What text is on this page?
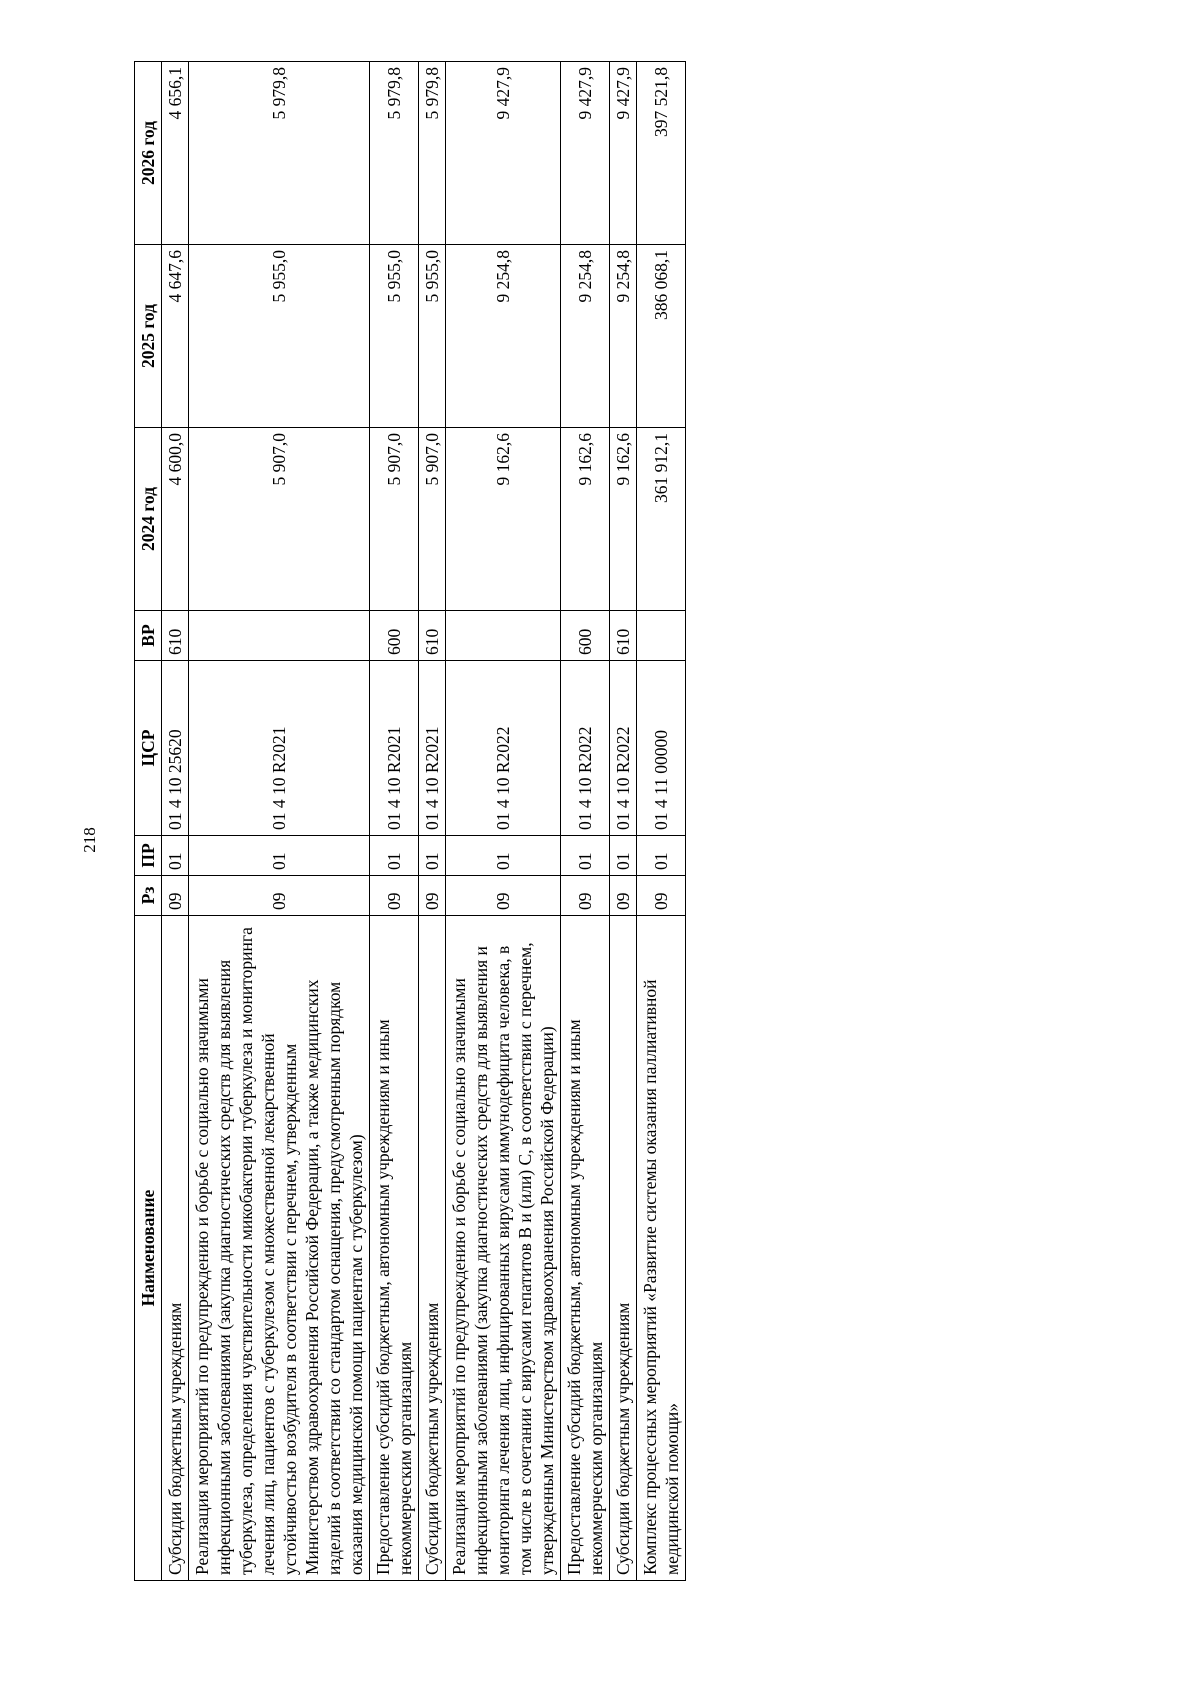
218
Наименование	Рз	ПР	ЦСР	ВР	2024 год	2025 год	2026 год
Субсидии бюджетным учреждениям	09	01	01 4 10 25620	610	4 600,0	4 647,6	4 656,1
Реализация мероприятий по предупреждению и борьбе с социально значимыми инфекционными заболеваниями (закупка диагностических средств для выявления туберкулеза, определения чувствительности микобактерии туберкулеза и мониторинга лечения лиц, пациентов с туберкулезом с множественной лекарственной устойчивостью возбудителя в соответствии с перечнем, утвержденным Министерством здравоохранения Российской Федерации, а также медицинских изделий в соответствии со стандартом оснащения, предусмотренным порядком оказания медицинской помощи пациентам с туберкулезом)	09	01	01 4 10 R2021		5 907,0	5 955,0	5 979,8
Предоставление субсидий бюджетным, автономным учреждениям и иным некоммерческим организациям	09	01	01 4 10 R2021	600	5 907,0	5 955,0	5 979,8
Субсидии бюджетным учреждениям	09	01	01 4 10 R2021	610	5 907,0	5 955,0	5 979,8
Реализация мероприятий по предупреждению и борьбе с социально значимыми инфекционными заболеваниями (закупка диагностических средств для выявления и мониторинга лечения лиц, инфицированных вирусами иммунодефицита человека, в том числе в сочетании с вирусами гепатитов B и (или) C, в соответствии с перечнем, утвержденным Министерством здравоохранения Российской Федерации)	09	01	01 4 10 R2022		9 162,6	9 254,8	9 427,9
Предоставление субсидий бюджетным, автономным учреждениям и иным некоммерческим организациям	09	01	01 4 10 R2022	600	9 162,6	9 254,8	9 427,9
Субсидии бюджетным учреждениям	09	01	01 4 10 R2022	610	9 162,6	9 254,8	9 427,9
Комплекс процессных мероприятий «Развитие системы оказания паллиативной медицинской помощи»	09	01	01 4 11 00000		361 912,1	386 068,1	397 521,8
